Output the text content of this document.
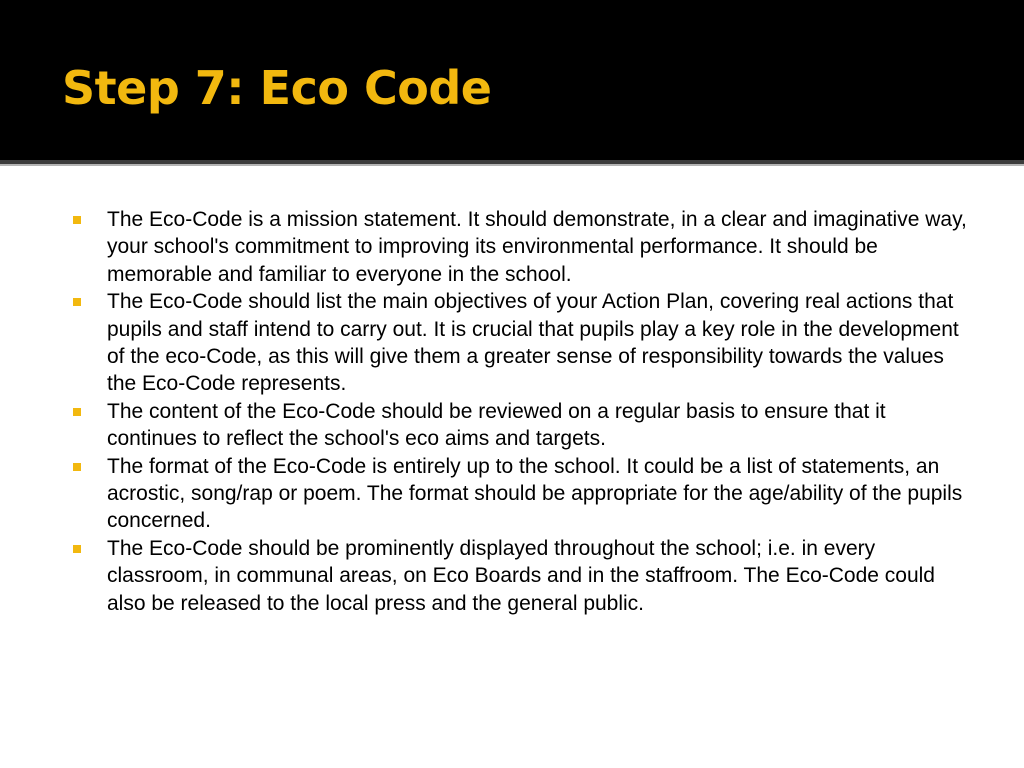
Step 7: Eco Code
The Eco-Code is a mission statement. It should demonstrate, in a clear and imaginative way, your school's commitment to improving its environmental performance. It should be memorable and familiar to everyone in the school.
The Eco-Code should list the main objectives of your Action Plan, covering real actions that pupils and staff intend to carry out. It is crucial that pupils play a key role in the development of the eco-Code, as this will give them a greater sense of responsibility towards the values the Eco-Code represents.
The content of the Eco-Code should be reviewed on a regular basis to ensure that it continues to reflect the school's eco aims and targets.
The format of the Eco-Code is entirely up to the school. It could be a list of statements, an acrostic, song/rap or poem. The format should be appropriate for the age/ability of the pupils concerned.
The Eco-Code should be prominently displayed throughout the school; i.e. in every classroom, in communal areas, on Eco Boards and in the staffroom. The Eco-Code could also be released to the local press and the general public.
